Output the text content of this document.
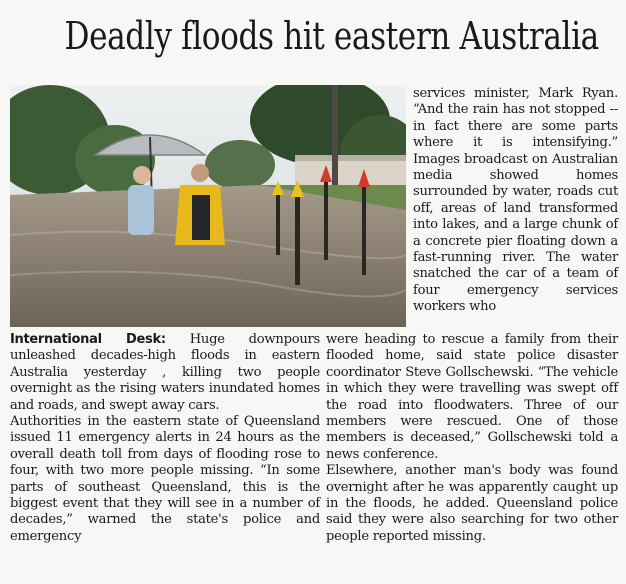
Deadly floods hit eastern Australia

services minister, Mark Ryan. “And the rain has not stopped -- in fact there are some parts where it is intensifying.” Images broadcast on Australian media showed homes surrounded by water, roads cut off, areas of land transformed into lakes, and a large chunk of a concrete pier floating down a fast-running river. The water snatched the car of a team of four emergency services workers who

International Desk: Huge downpours unleashed decades-high floods in eastern Australia yesterday , killing two people overnight as the rising waters inundated homes and roads, and swept away cars.

Authorities in the eastern state of Queensland issued 11 emergency alerts in 24 hours as the overall death toll from days of flooding rose to four, with two more people missing. “In some parts of southeast Queensland, this is the biggest event that they will see in a number of decades,” warned the state's police and emergency

were heading to rescue a family from their flooded home, said state police disaster coordinator Steve Gollschewski. “The vehicle in which they were travelling was swept off the road into floodwaters. Three of our members were rescued. One of those members is deceased,” Gollschewski told a news conference.

Elsewhere, another man's body was found overnight after he was apparently caught up in the floods, he added. Queensland police said they were also searching for two other people reported missing.
